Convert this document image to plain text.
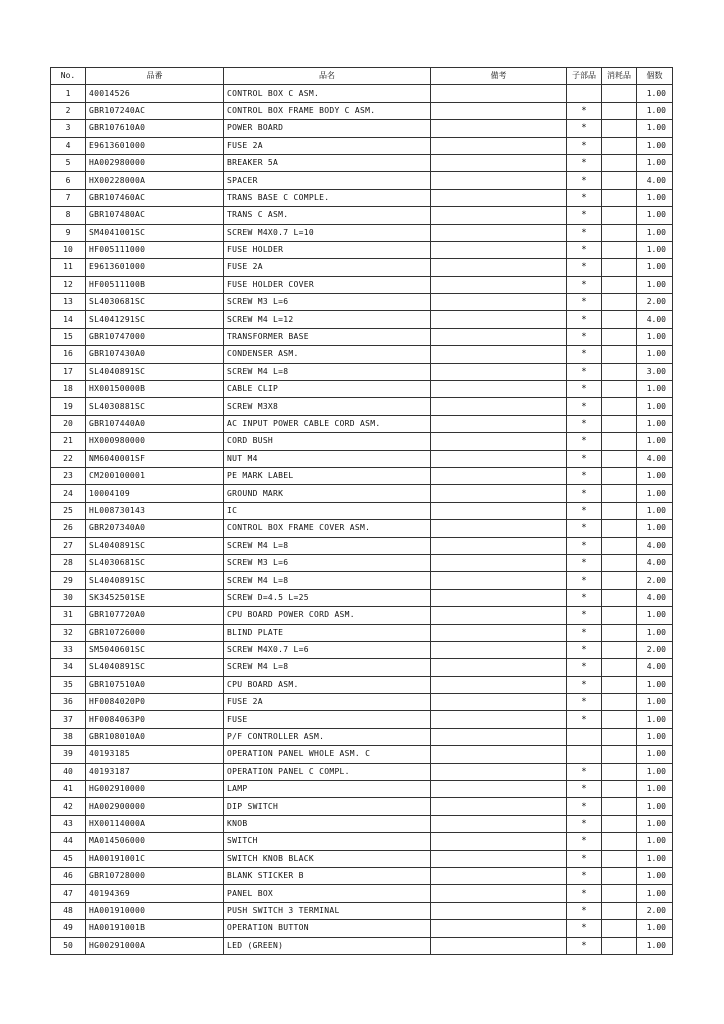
No.	品番	品名	備考	子部品	消耗品	個数
1	40014526	CONTROL BOX C ASM.				1.00
2	GBR107240AC	CONTROL BOX FRAME BODY C ASM.		*		1.00
3	GBR107610A0	POWER BOARD		*		1.00
4	E9613601000	FUSE 2A		*		1.00
5	HA002980000	BREAKER 5A		*		1.00
6	HX00228000A	SPACER		*		4.00
7	GBR107460AC	TRANS BASE C COMPLE.		*		1.00
8	GBR107480AC	TRANS C ASM.		*		1.00
9	SM4041001SC	SCREW M4X0.7 L=10		*		1.00
10	HF005111000	FUSE HOLDER		*		1.00
11	E9613601000	FUSE 2A		*		1.00
12	HF00511100B	FUSE HOLDER COVER		*		1.00
13	SL4030681SC	SCREW M3 L=6		*		2.00
14	SL4041291SC	SCREW M4 L=12		*		4.00
15	GBR10747000	TRANSFORMER BASE		*		1.00
16	GBR107430A0	CONDENSER ASM.		*		1.00
17	SL4040891SC	SCREW M4 L=8		*		3.00
18	HX00150000B	CABLE CLIP		*		1.00
19	SL4030881SC	SCREW M3X8		*		1.00
20	GBR107440A0	AC INPUT POWER CABLE CORD ASM.		*		1.00
21	HX000980000	CORD BUSH		*		1.00
22	NM6040001SF	NUT M4		*		4.00
23	CM200100001	PE MARK LABEL		*		1.00
24	10004109	GROUND MARK		*		1.00
25	HL008730143	IC		*		1.00
26	GBR207340A0	CONTROL BOX FRAME COVER ASM.		*		1.00
27	SL4040891SC	SCREW M4 L=8		*		4.00
28	SL4030681SC	SCREW M3 L=6		*		4.00
29	SL4040891SC	SCREW M4 L=8		*		2.00
30	SK3452501SE	SCREW D=4.5 L=25		*		4.00
31	GBR107720A0	CPU BOARD POWER CORD ASM.		*		1.00
32	GBR10726000	BLIND PLATE		*		1.00
33	SM5040601SC	SCREW M4X0.7 L=6		*		2.00
34	SL4040891SC	SCREW M4 L=8		*		4.00
35	GBR107510A0	CPU BOARD ASM.		*		1.00
36	HF0084020P0	FUSE 2A		*		1.00
37	HF0084063P0	FUSE		*		1.00
38	GBR108010A0	P/F CONTROLLER ASM.				1.00
39	40193185	OPERATION PANEL WHOLE ASM. C				1.00
40	40193187	OPERATION PANEL C COMPL.		*		1.00
41	HG002910000	LAMP		*		1.00
42	HA002900000	DIP SWITCH		*		1.00
43	HX00114000A	KNOB		*		1.00
44	MA014506000	SWITCH		*		1.00
45	HA00191001C	SWITCH KNOB BLACK		*		1.00
46	GBR10728000	BLANK STICKER B		*		1.00
47	40194369	PANEL BOX		*		1.00
48	HA001910000	PUSH SWITCH 3 TERMINAL		*		2.00
49	HA00191001B	OPERATION BUTTON		*		1.00
50	HG00291000A	LED (GREEN)		*		1.00
